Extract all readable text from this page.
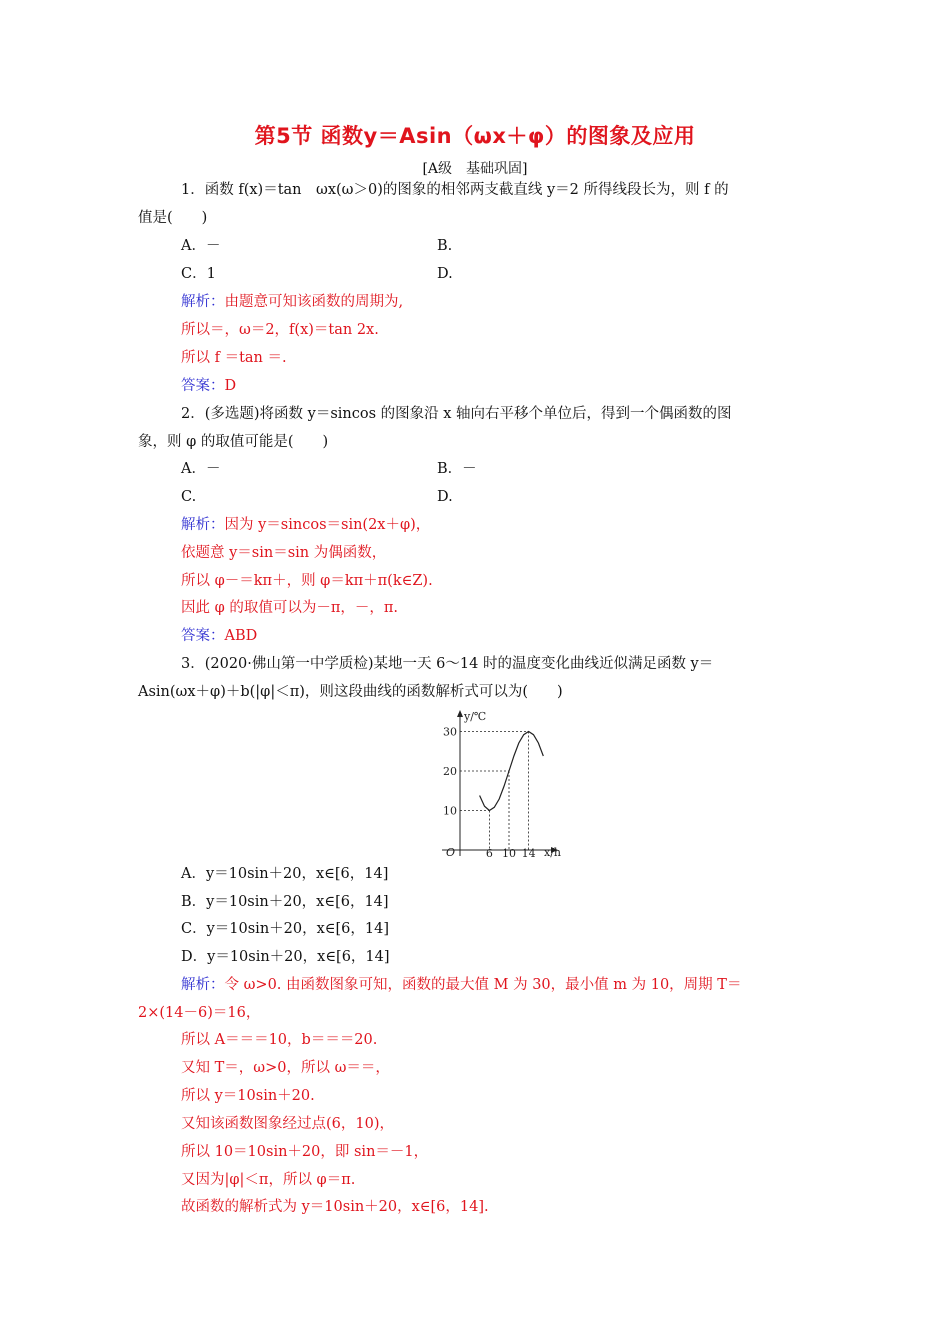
第5节 函数y＝Asin（ωx＋φ）的图象及应用
[A级　基础巩固]
1．函数 f(x)＝tan　ωx(ω＞0)的图象的相邻两支截直线 y＝2 所得线段长为，则 f 的
值是(　　)
A．－	B.
C．1	D.
解析：由题意可知该函数的周期为,
所以＝，ω＝2，f(x)＝tan 2x.
所以 f ＝tan ＝.
答案：D
2．(多选题)将函数 y＝sincos 的图象沿 x 轴向右平移个单位后，得到一个偶函数的图
象，则 φ 的取值可能是(　　)
A．－	B．－
C.	D.
解析：因为 y＝sincos＝sin(2x＋φ)，
依题意 y＝sin＝sin 为偶函数，
所以 φ－＝kπ＋，则 φ＝kπ＋π(k∈Z).
因此 φ 的取值可以为－π，－，π.
答案：ABD
3．(2020·佛山第一中学质检)某地一天 6～14 时的温度变化曲线近似满足函数 y＝
Asin(ωx＋φ)＋b(|φ|＜π)，则这段曲线的函数解析式可以为(　　)
6 10 14
10
20
30
y/℃
x/h
O
A．y＝10sin＋20，x∈[6，14]
B．y＝10sin＋20，x∈[6，14]
C．y＝10sin＋20，x∈[6，14]
D．y＝10sin＋20，x∈[6，14]
解析：令 ω>0. 由函数图象可知，函数的最大值 M 为 30，最小值 m 为 10，周期 T＝
2×(14－6)＝16，
所以 A＝＝＝10，b＝＝＝20.
又知 T＝，ω>0，所以 ω＝＝，
所以 y＝10sin＋20.
又知该函数图象经过点(6，10)，
所以 10＝10sin＋20，即 sin＝－1，
又因为|φ|＜π，所以 φ＝π.
故函数的解析式为 y＝10sin＋20，x∈[6，14].
